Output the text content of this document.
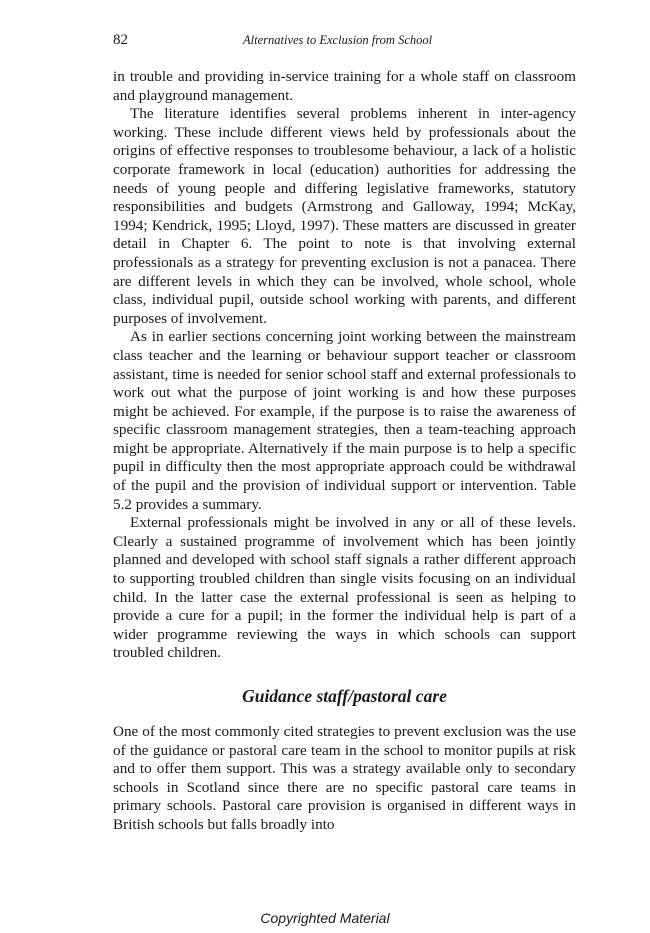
82	Alternatives to Exclusion from School

in trouble and providing in-service training for a whole staff on classroom and playground management.

The literature identifies several problems inherent in inter-agency working. These include different views held by professionals about the origins of effective responses to troublesome behaviour, a lack of a holistic corporate framework in local (education) authorities for addressing the needs of young people and differing legislative frameworks, statutory responsibilities and budgets (Armstrong and Galloway, 1994; McKay, 1994; Kendrick, 1995; Lloyd, 1997). These matters are discussed in greater detail in Chapter 6. The point to note is that involving external professionals as a strategy for preventing exclusion is not a panacea. There are different levels in which they can be involved, whole school, whole class, individual pupil, outside school working with parents, and different purposes of involvement.

As in earlier sections concerning joint working between the mainstream class teacher and the learning or behaviour support teacher or classroom assistant, time is needed for senior school staff and external professionals to work out what the purpose of joint working is and how these purposes might be achieved. For example, if the purpose is to raise the awareness of specific classroom management strategies, then a team-teaching approach might be appropriate. Alternatively if the main purpose is to help a specific pupil in difficulty then the most appropriate approach could be withdrawal of the pupil and the provision of individual support or intervention. Table 5.2 provides a summary.

External professionals might be involved in any or all of these levels. Clearly a sustained programme of involvement which has been jointly planned and developed with school staff signals a rather different approach to supporting troubled children than single visits focusing on an individual child. In the latter case the external professional is seen as helping to provide a cure for a pupil; in the former the individual help is part of a wider programme reviewing the ways in which schools can support troubled children.

Guidance staff/pastoral care

One of the most commonly cited strategies to prevent exclusion was the use of the guidance or pastoral care team in the school to monitor pupils at risk and to offer them support. This was a strategy available only to secondary schools in Scotland since there are no specific pastoral care teams in primary schools. Pastoral care provision is organised in different ways in British schools but falls broadly into

Copyrighted Material
